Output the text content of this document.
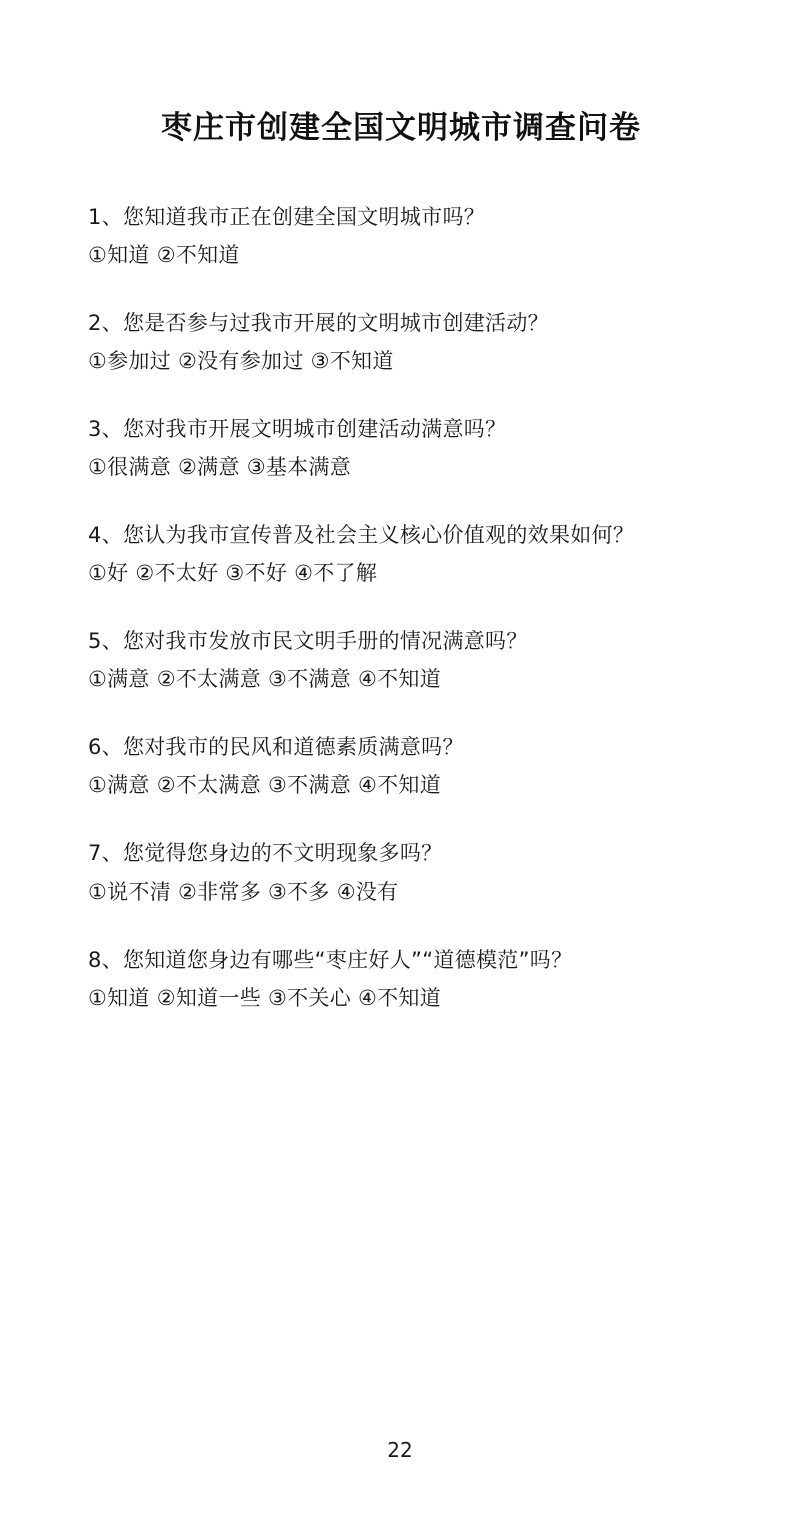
枣庄市创建全国文明城市调查问卷

1、您知道我市正在创建全国文明城市吗？

①知道 ②不知道

2、您是否参与过我市开展的文明城市创建活动？

①参加过 ②没有参加过 ③不知道

3、您对我市开展文明城市创建活动满意吗？

①很满意 ②满意 ③基本满意

4、您认为我市宣传普及社会主义核心价值观的效果如何？

①好 ②不太好 ③不好 ④不了解

5、您对我市发放市民文明手册的情况满意吗？

①满意 ②不太满意 ③不满意 ④不知道

6、您对我市的民风和道德素质满意吗？

①满意 ②不太满意 ③不满意 ④不知道

7、您觉得您身边的不文明现象多吗？

①说不清 ②非常多 ③不多 ④没有

8、您知道您身边有哪些“枣庄好人”“道德模范”吗？

①知道 ②知道一些 ③不关心 ④不知道

22
